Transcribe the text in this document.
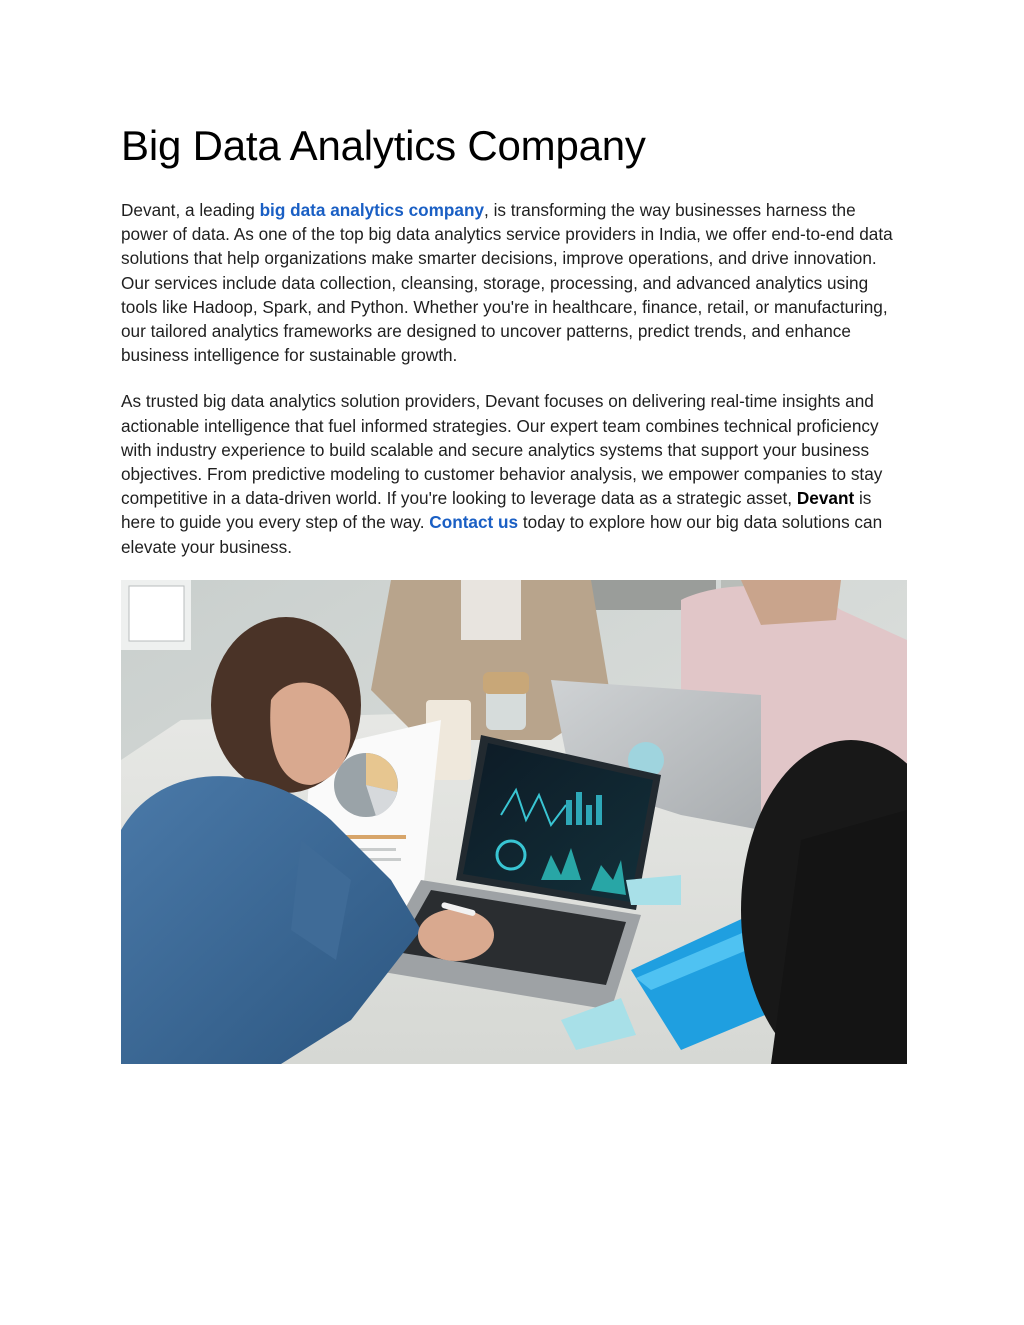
Big Data Analytics Company

Devant, a leading big data analytics company, is transforming the way businesses harness the power of data. As one of the top big data analytics service providers in India, we offer end-to-end data solutions that help organizations make smarter decisions, improve operations, and drive innovation. Our services include data collection, cleansing, storage, processing, and advanced analytics using tools like Hadoop, Spark, and Python. Whether you're in healthcare, finance, retail, or manufacturing, our tailored analytics frameworks are designed to uncover patterns, predict trends, and enhance business intelligence for sustainable growth.

As trusted big data analytics solution providers, Devant focuses on delivering real-time insights and actionable intelligence that fuel informed strategies. Our expert team combines technical proficiency with industry experience to build scalable and secure analytics systems that support your business objectives. From predictive modeling to customer behavior analysis, we empower companies to stay competitive in a data-driven world. If you're looking to leverage data as a strategic asset, Devant is here to guide you every step of the way. Contact us today to explore how our big data solutions can elevate your business.
